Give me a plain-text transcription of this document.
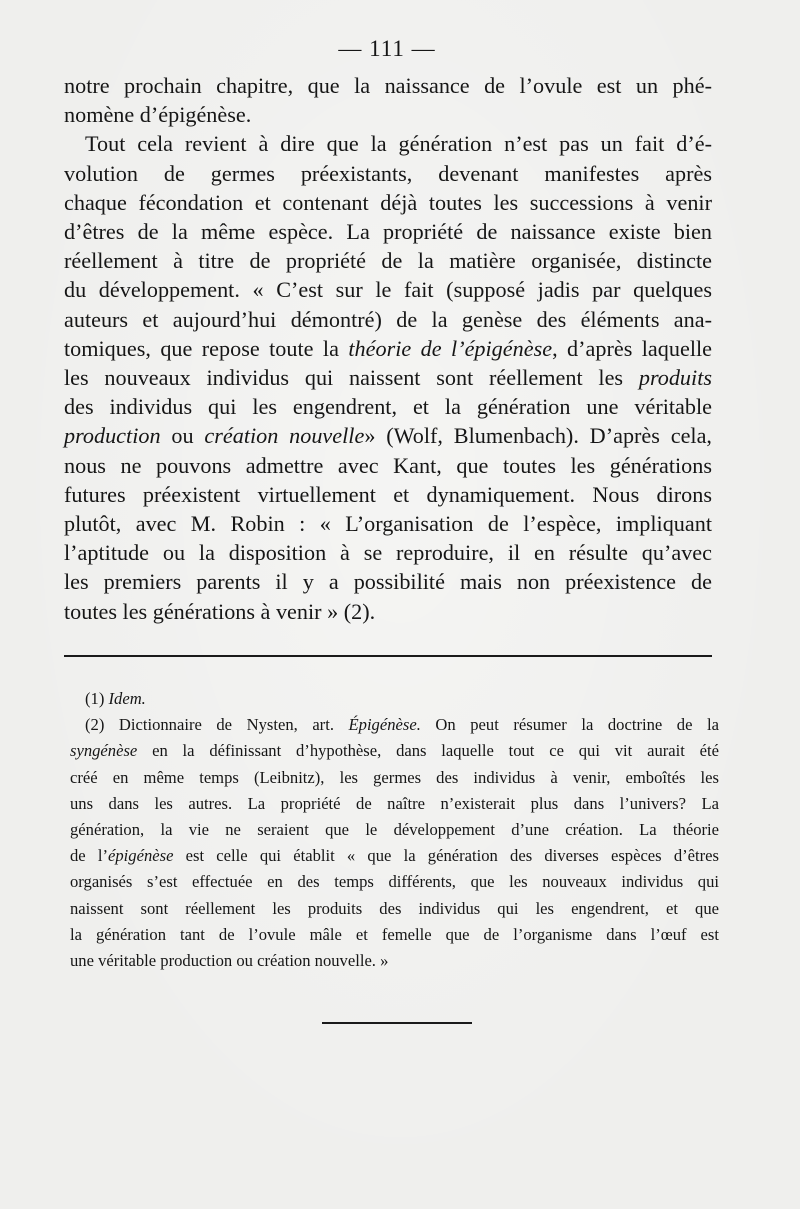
— 111 —
notre prochain chapitre, que la naissance de l’ovule est un phé-
nomène d’épigénèse.
Tout cela revient à dire que la génération n’est pas un fait d’é-
volution de germes préexistants, devenant manifestes après
chaque fécondation et contenant déjà toutes les successions à venir
d’êtres de la même espèce. La propriété de naissance existe bien
réellement à titre de propriété de la matière organisée, distincte
du développement. « C’est sur le fait (supposé jadis par quelques
auteurs et aujourd’hui démontré) de la genèse des éléments ana-
tomiques, que repose toute la théorie de l’épigénèse, d’après laquelle
les nouveaux individus qui naissent sont réellement les produits
des individus qui les engendrent, et la génération une véritable
production ou création nouvelle» (Wolf, Blumenbach). D’après cela,
nous ne pouvons admettre avec Kant, que toutes les générations
futures préexistent virtuellement et dynamiquement. Nous dirons
plutôt, avec M. Robin : « L’organisation de l’espèce, impliquant
l’aptitude ou la disposition à se reproduire, il en résulte qu’avec
les premiers parents il y a possibilité mais non préexistence de
toutes les générations à venir » (2).
(1) Idem.
(2) Dictionnaire de Nysten, art. Épigénèse. On peut résumer la doctrine de la
syngénèse en la définissant d’hypothèse, dans laquelle tout ce qui vit aurait été
créé en même temps (Leibnitz), les germes des individus à venir, emboîtés les
uns dans les autres. La propriété de naître n’existerait plus dans l’univers? La
génération, la vie ne seraient que le développement d’une création. La théorie
de l’épigénèse est celle qui établit « que la génération des diverses espèces d’êtres
organisés s’est effectuée en des temps différents, que les nouveaux individus qui
naissent sont réellement les produits des individus qui les engendrent, et que
la génération tant de l’ovule mâle et femelle que de l’organisme dans l’œuf est
une véritable production ou création nouvelle. »
